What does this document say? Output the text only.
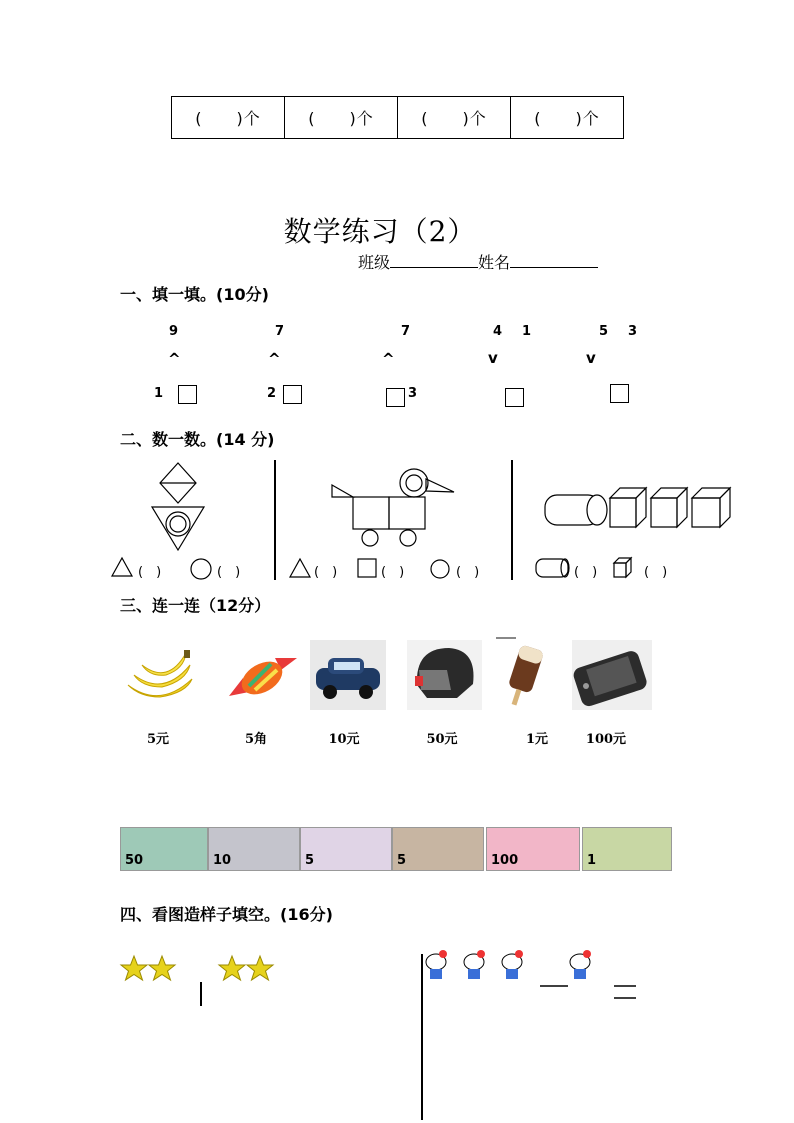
(　　)个	(　　)个	(　　)个	(　　)个
数学练习（2）
班级	姓名
一、填一填。(10分)
9
^
1
7
^
2
7
^
3
4 1
v
5 3
v
二、数一数。(14 分)
(　)	(　)	(　)	(　)	(　)	(　)	(　)
三、连一连（12分）
5元	5角	10元	50元	1元	100元
50	10	5	5	100	1
四、看图造样子填空。(16分)
